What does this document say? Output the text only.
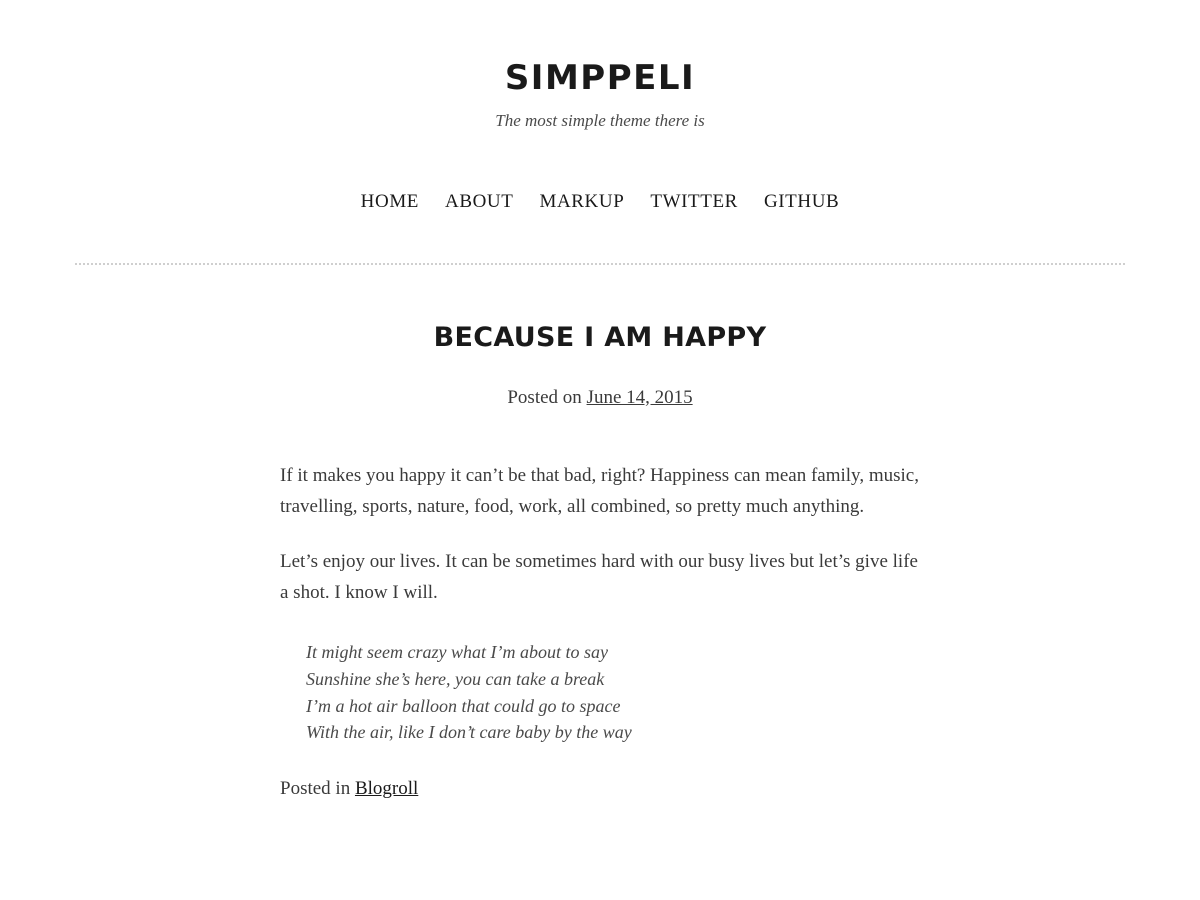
SIMPPELI
The most simple theme there is
HOME ABOUT MARKUP TWITTER GITHUB
BECAUSE I AM HAPPY
Posted on June 14, 2015

If it makes you happy it can’t be that bad, right? Happiness can mean family, music, travelling, sports, nature, food, work, all combined, so pretty much anything.

Let’s enjoy our lives. It can be sometimes hard with our busy lives but let’s give life a shot. I know I will.

It might seem crazy what I’m about to say
Sunshine she’s here, you can take a break
I’m a hot air balloon that could go to space
With the air, like I don’t care baby by the way
Posted in Blogroll
